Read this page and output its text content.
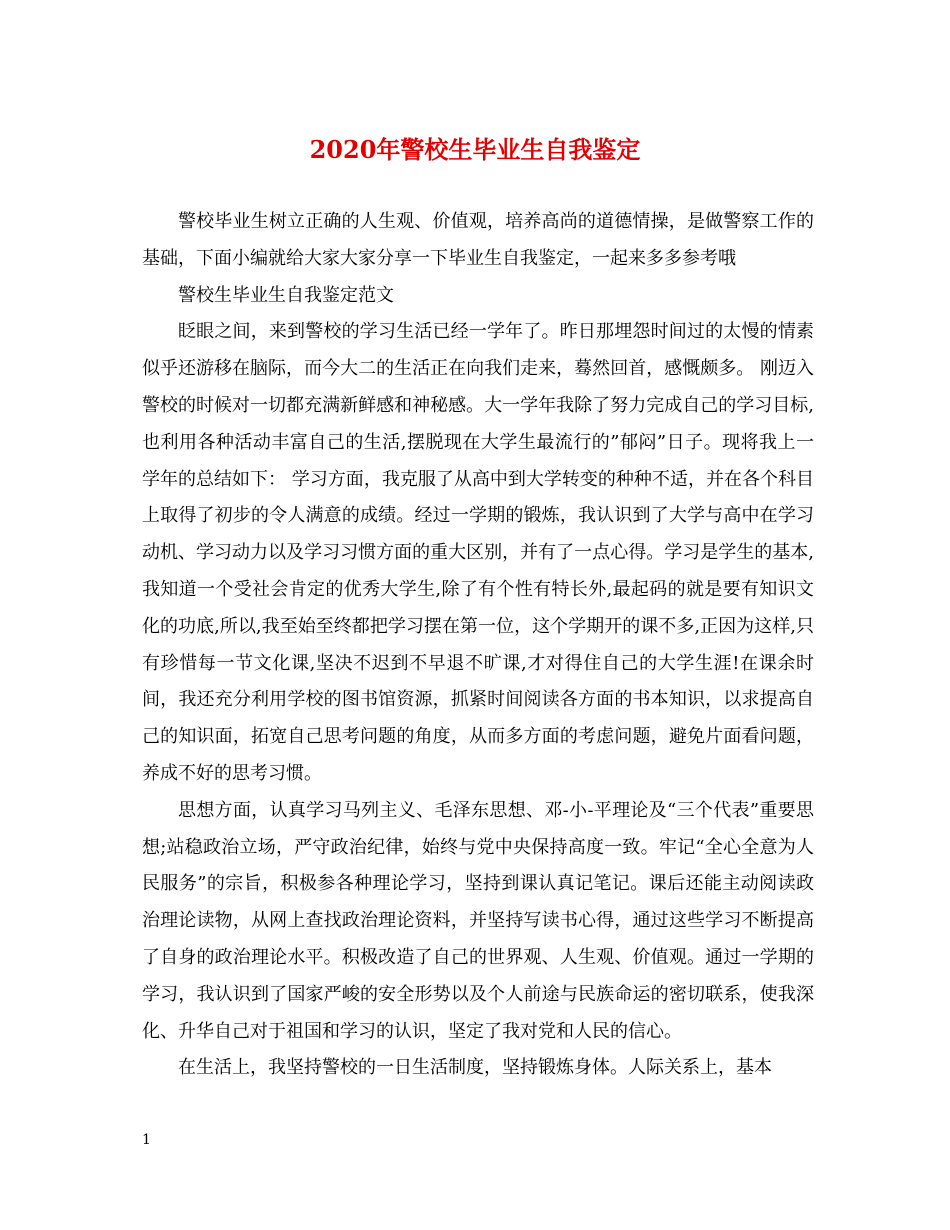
2020年警校生毕业生自我鉴定

警校毕业生树立正确的人生观、价值观，培养高尚的道德情操，是做警察工作的基础，下面小编就给大家大家分享一下毕业生自我鉴定，一起来多多参考哦

警校生毕业生自我鉴定范文

眨眼之间，来到警校的学习生活已经一学年了。昨日那埋怨时间过的太慢的情素似乎还游移在脑际，而今大二的生活正在向我们走来，蓦然回首，感慨颇多。 刚迈入警校的时候对一切都充满新鲜感和神秘感。大一学年我除了努力完成自己的学习目标,也利用各种活动丰富自己的生活,摆脱现在大学生最流行的”郁闷”日子。现将我上一学年的总结如下： 学习方面，我克服了从高中到大学转变的种种不适，并在各个科目上取得了初步的令人满意的成绩。经过一学期的锻炼，我认识到了大学与高中在学习动机、学习动力以及学习习惯方面的重大区别，并有了一点心得。学习是学生的基本,我知道一个受社会肯定的优秀大学生,除了有个性有特长外,最起码的就是要有知识文化的功底,所以,我至始至终都把学习摆在第一位，这个学期开的课不多,正因为这样,只有珍惜每一节文化课,坚决不迟到不早退不旷课,才对得住自己的大学生涯!在课余时间，我还充分利用学校的图书馆资源，抓紧时间阅读各方面的书本知识，以求提高自己的知识面，拓宽自己思考问题的角度，从而多方面的考虑问题，避免片面看问题，养成不好的思考习惯。

思想方面，认真学习马列主义、毛泽东思想、邓-小-平理论及“三个代表”重要思想;站稳政治立场，严守政治纪律，始终与党中央保持高度一致。牢记“全心全意为人民服务”的宗旨，积极参各种理论学习，坚持到课认真记笔记。课后还能主动阅读政治理论读物，从网上查找政治理论资料，并坚持写读书心得，通过这些学习不断提高了自身的政治理论水平。积极改造了自己的世界观、人生观、价值观。通过一学期的学习，我认识到了国家严峻的安全形势以及个人前途与民族命运的密切联系，使我深化、升华自己对于祖国和学习的认识，坚定了我对党和人民的信心。

在生活上，我坚持警校的一日生活制度，坚持锻炼身体。人际关系上，基本

1
